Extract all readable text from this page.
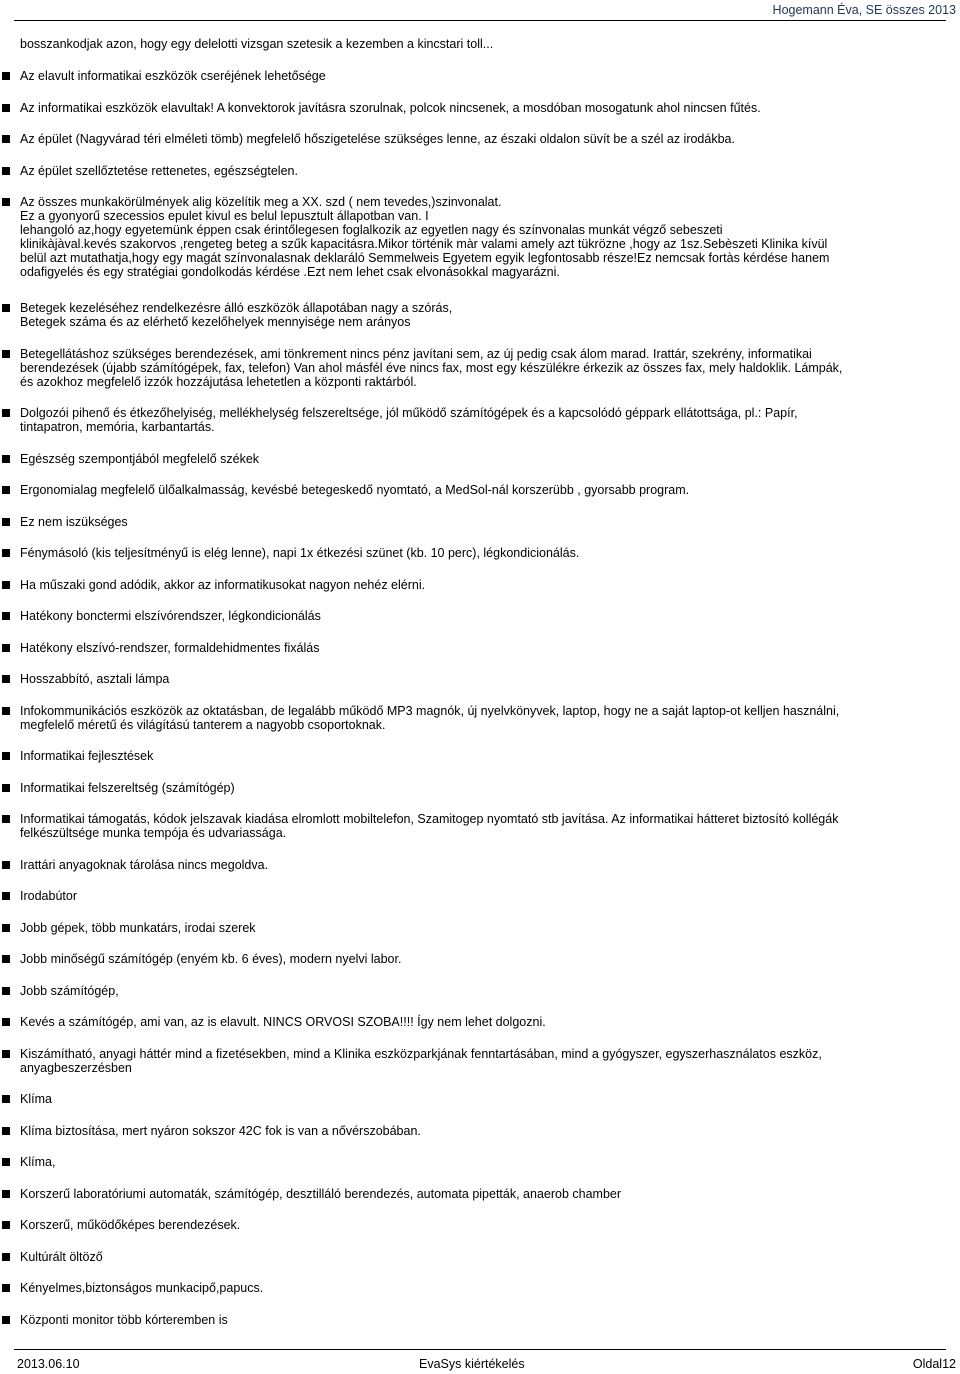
Hogemann Éva, SE összes 2013
bosszankodjak azon, hogy egy delelotti vizsgan szetesik a kezemben a kincstari toll...
Az elavult informatikai eszközök cseréjének lehetősége
Az informatikai eszközök elavultak! A konvektorok javításra szorulnak, polcok nincsenek, a mosdóban mosogatunk ahol nincsen fűtés.
Az épület (Nagyvárad téri elméleti tömb) megfelelő hőszigetelése szükséges lenne, az északi oldalon süvít be a szél az irodákba.
Az épület szellőztetése rettenetes, egészségtelen.
Az összes munkakörülmények alig közelítik meg a XX. szd ( nem tevedes,)szinvonalat.
Ez a gyonyorű szecessios epulet kivul es belul lepusztult állapotban van. I
lehangoló az,hogy egyetemünk éppen csak érintőlegesen foglalkozik az egyetlen nagy és színvonalas munkát végző sebeszeti
klinikàjàval.kevés szakorvos ,rengeteg beteg a szűk kapacitásra.Mikor történik màr valami amely azt tükrözne ,hogy az 1sz.Sebèszeti Klinika kívül
belül azt mutathatja,hogy egy magát színvonalasnak deklaráló Semmelweis Egyetem egyik legfontosabb része!Ez nemcsak fortàs kérdése hanem
odafigyelés és egy stratégiai gondolkodás kérdése .Ezt nem lehet csak elvonásokkal magyarázni.
Betegek kezeléséhez rendelkezésre álló eszközök állapotában nagy a szórás,
Betegek száma és az elérhető kezelőhelyek mennyisége nem arányos
Betegellátáshoz szükséges berendezések, ami tönkrement nincs pénz javítani sem, az új pedig csak álom marad. Irattár, szekrény, informatikai
berendezések (újabb számítógépek, fax, telefon) Van ahol másfél éve nincs fax, most egy készülékre érkezik az összes fax, mely haldoklik. Lámpák,
és azokhoz megfelelő izzók hozzájutása lehetetlen a központi raktárból.
Dolgozói pihenő és étkezőhelyiség, mellékhelység felszereltsége, jól működő számítógépek és a kapcsolódó géppark ellátottsága, pl.: Papír,
tintapatron, memória, karbantartás.
Egészség szempontjából megfelelő székek
Ergonomialag megfelelő ülőalkalmasság, kevésbé betegeskedő nyomtató, a MedSol-nál korszerübb , gyorsabb program.
Ez nem iszükséges
Fénymásoló (kis teljesítményű is elég lenne), napi 1x étkezési szünet (kb. 10 perc), légkondicionálás.
Ha műszaki gond adódik, akkor az informatikusokat nagyon nehéz elérni.
Hatékony bonctermi elszívórendszer, légkondicionálás
Hatékony elszívó-rendszer, formaldehidmentes fixálás
Hosszabbító, asztali lámpa
Infokommunikációs eszközök az oktatásban, de legalább működő MP3 magnók, új nyelvkönyvek, laptop, hogy ne a saját laptop-ot kelljen használni,
megfelelő méretű és világítású tanterem a nagyobb csoportoknak.
Informatikai fejlesztések
Informatikai felszereltség (számítógép)
Informatikai támogatás, kódok jelszavak kiadása elromlott mobiltelefon, Szamitogep nyomtató stb javítása. Az informatikai hátteret biztosító kollégák
felkészültsége munka tempója és udvariassága.
Irattári anyagoknak tárolása nincs megoldva.
Irodabútor
Jobb gépek, több munkatárs, irodai szerek
Jobb minőségű számítógép (enyém kb. 6 éves), modern nyelvi labor.
Jobb számítógép,
Kevés a számítógép, ami van, az is elavult. NINCS ORVOSI SZOBA!!!! Így nem lehet dolgozni.
Kiszámítható, anyagi háttér mind a fizetésekben, mind a Klinika eszközparkjának fenntartásában, mind a gyógyszer, egyszerhasználatos eszköz,
anyagbeszerzésben
Klíma
Klíma biztosítása, mert nyáron sokszor 42C fok is van a nővérszobában.
Klíma,
Korszerű laboratóriumi automaták, számítógép, desztilláló berendezés, automata pipetták, anaerob chamber
Korszerű, működőképes berendezések.
Kultúrált öltöző
Kényelmes,biztonságos munkacipő,papucs.
Központi monitor több kórteremben is
2013.06.10	EvaSys kiértékelés	Oldal12
